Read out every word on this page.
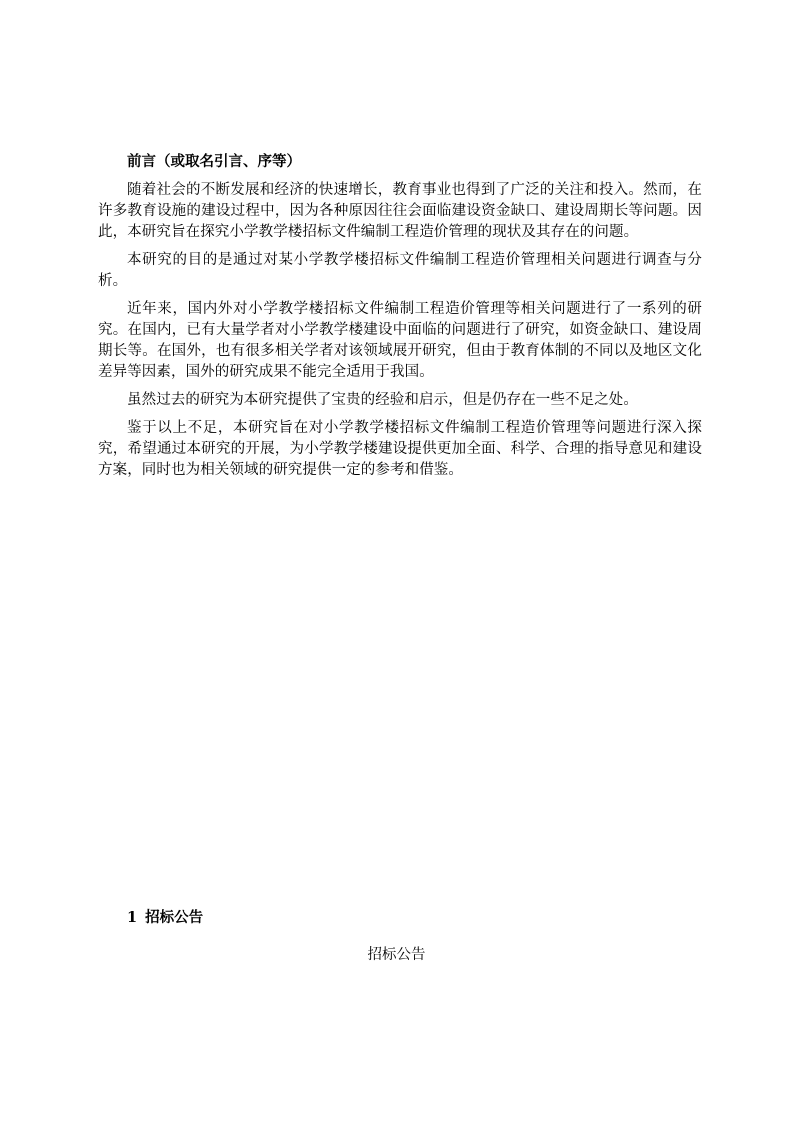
前言（或取名引言、序等）

随着社会的不断发展和经济的快速增长，教育事业也得到了广泛的关注和投入。然而，在许多教育设施的建设过程中，因为各种原因往往会面临建设资金缺口、建设周期长等问题。因此，本研究旨在探究小学教学楼招标文件编制工程造价管理的现状及其存在的问题。

本研究的目的是通过对某小学教学楼招标文件编制工程造价管理相关问题进行调查与分析。

近年来，国内外对小学教学楼招标文件编制工程造价管理等相关问题进行了一系列的研究。在国内，已有大量学者对小学教学楼建设中面临的问题进行了研究，如资金缺口、建设周期长等。在国外，也有很多相关学者对该领域展开研究，但由于教育体制的不同以及地区文化差异等因素，国外的研究成果不能完全适用于我国。

虽然过去的研究为本研究提供了宝贵的经验和启示，但是仍存在一些不足之处。

鉴于以上不足，本研究旨在对小学教学楼招标文件编制工程造价管理等问题进行深入探究，希望通过本研究的开展，为小学教学楼建设提供更加全面、科学、合理的指导意见和建设方案，同时也为相关领域的研究提供一定的参考和借鉴。

1 招标公告
招标公告
